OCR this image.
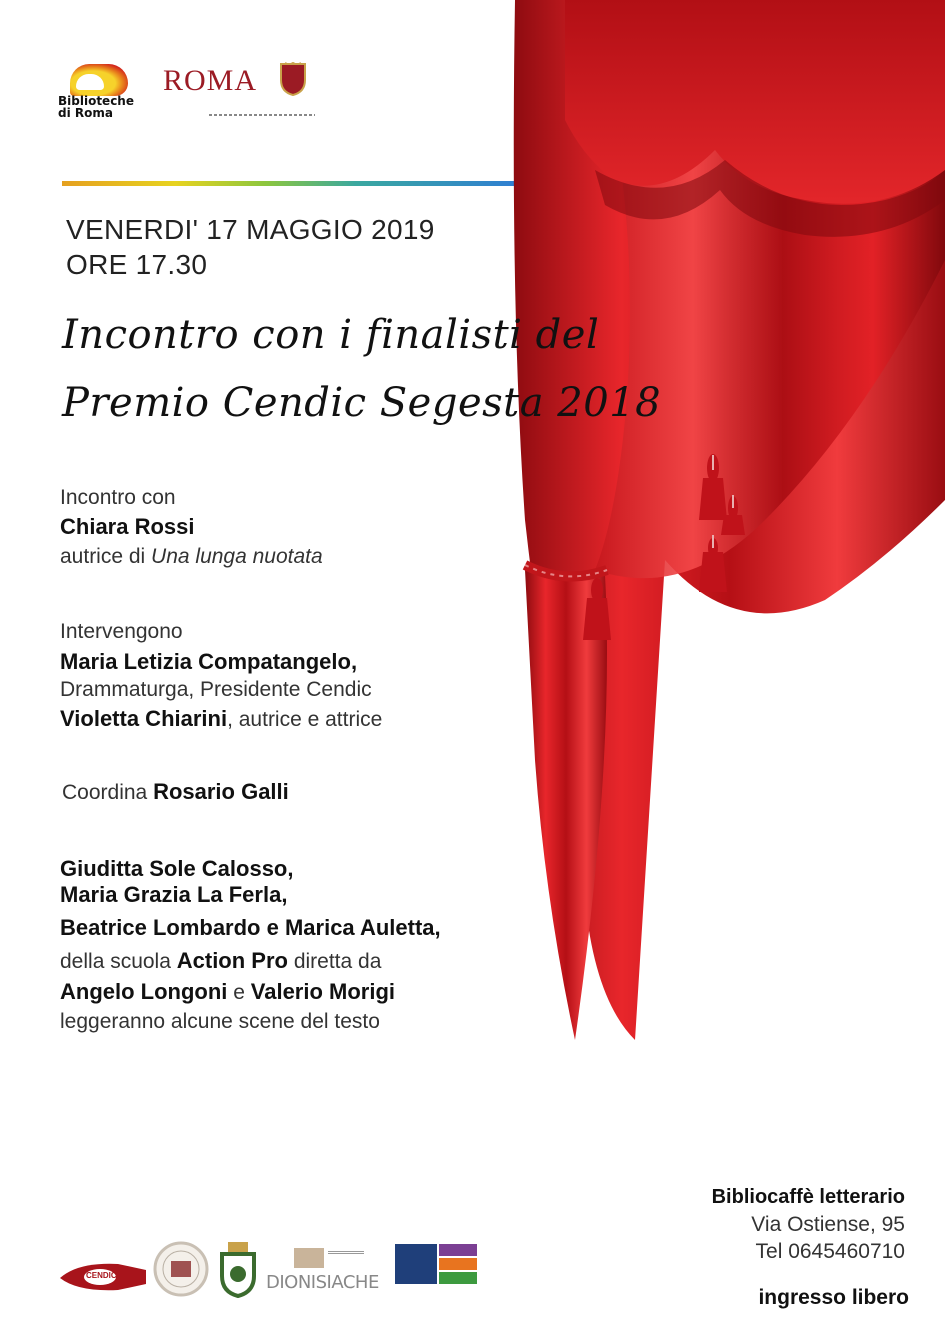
Biblioteche di Roma
ROMA
VENERDI' 17 MAGGIO 2019
ORE 17.30
Incontro con i finalisti del
Premio Cendic Segesta 2018
Incontro con
Chiara Rossi
autrice di Una lunga nuotata
Intervengono
Maria Letizia Compatangelo,
Drammaturga, Presidente Cendic
Violetta Chiarini, autrice e attrice
Coordina Rosario Galli
Giuditta Sole Calosso,
Maria Grazia La Ferla,
Beatrice Lombardo e Marica Auletta,
della scuola Action Pro diretta da
Angelo Longoni e Valerio Morigi
leggeranno alcune scene del testo
Bibliocaffè letterario
Via Ostiense, 95
Tel 0645460710
ingresso libero
CENDIC	DIONISIACHE
